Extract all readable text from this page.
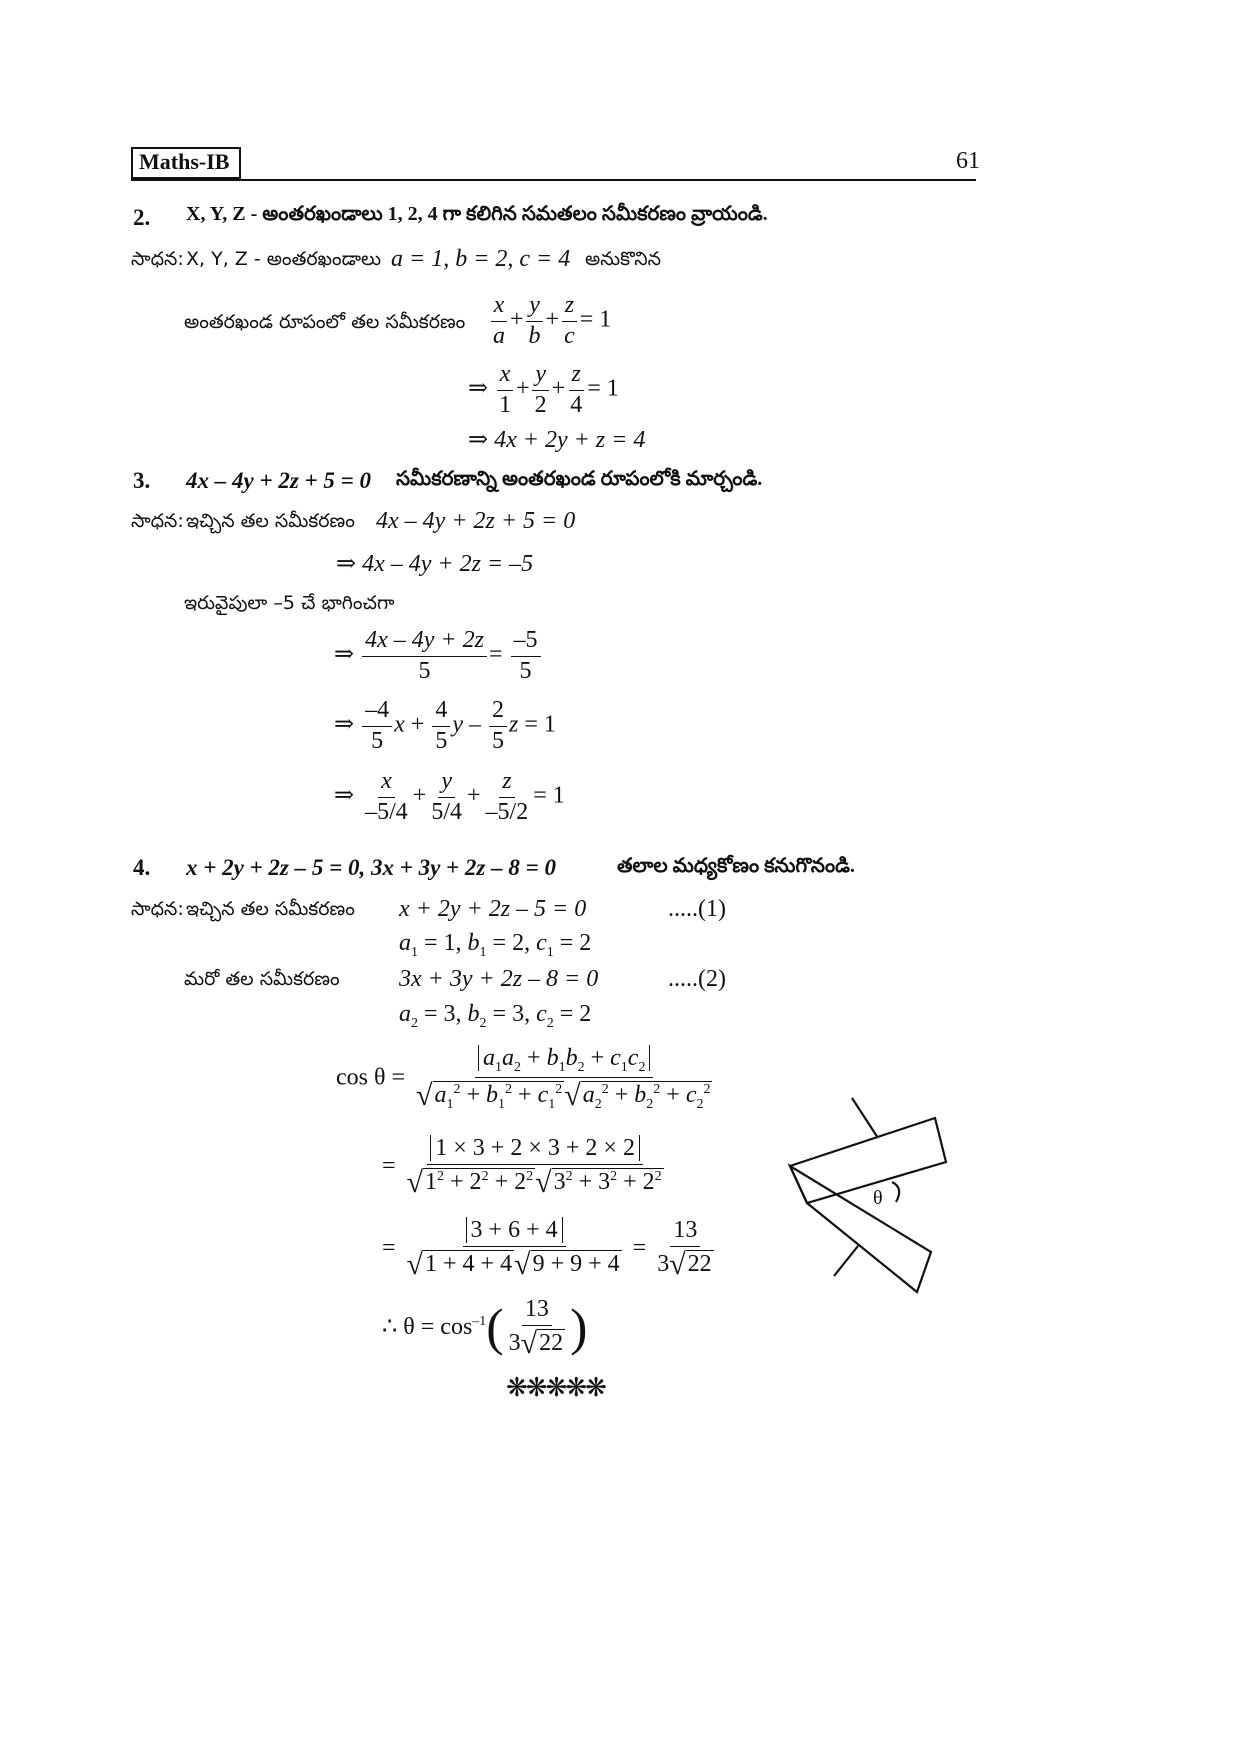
Maths-IB	61
2. X, Y, Z - అంతరఖండాలు 1, 2, 4 గా కలిగిన సమతలం సమీకరణం వ్రాయండి.
సాధన: X, Y, Z - అంతరఖండాలు a = 1, b = 2, c = 4 అనుకొనిన
అంతరఖండ రూపంలో తల సమీకరణం $\frac{x}{a} + \frac{y}{b} + \frac{z}{c} = 1$
⇒ $\frac{x}{1} + \frac{y}{2} + \frac{z}{4} = 1$
⇒ 4x + 2y + z = 4
3. 4x – 4y + 2z + 5 = 0 సమీకరణాన్ని అంతరఖండ రూపంలోకి మార్చండి.
సాధన: ఇచ్చిన తల సమీకరణం 4x – 4y + 2z + 5 = 0
⇒ 4x – 4y + 2z = –5
ఇరువైపులా –5 చే భాగించగా
⇒ $\frac{4x - 4y + 2z}{5} = \frac{-5}{5}$
⇒ $\frac{-4}{5}$ $x + \frac{4}{5}$ y – $\frac{2}{5}$ z = 1
⇒ $\frac{x}{-5/4} + \frac{y}{5/4} + \frac{z}{-5/2} = 1$
4. x + 2y + 2z – 5 = 0, 3x + 3y + 2z – 8 = 0	తలాల మధ్యకోణం కనుగొనండి.
సాధన: ఇచ్చిన తల సమీకరణం x + 2y + 2z – 5 = 0	.....(1)
$a_1 = 1$, $b_1 = 2$, $c_1 = 2$
మరో తల సమీకరణం 3x + 3y + 2z – 8 = 0	.....(2)
$a_2 = 3$, $b_2 = 3$, $c_2 = 2$
$\cos \theta = \frac{a_1a_2 + b_1b_2 + c_1c_2}{√a_1^2 + b_1^2 + c_1^2√a_2^2 + b_2^2 + c_2^2}$
= $\frac{1 \times 3 + 2 \times 3 + 2 \times 2}{√1^2 + 2^2 + 2^2√3^2 + 3^2 + 2^2}$
= $\frac{3 + 6 + 4}{√1 + 4 + 4√9 + 9 + 4} = \frac{13}{3√22}$
∴ $\theta = \cos^{-1}( \frac{13}{3√22}$ )
θ
❋❋❋❋❋
